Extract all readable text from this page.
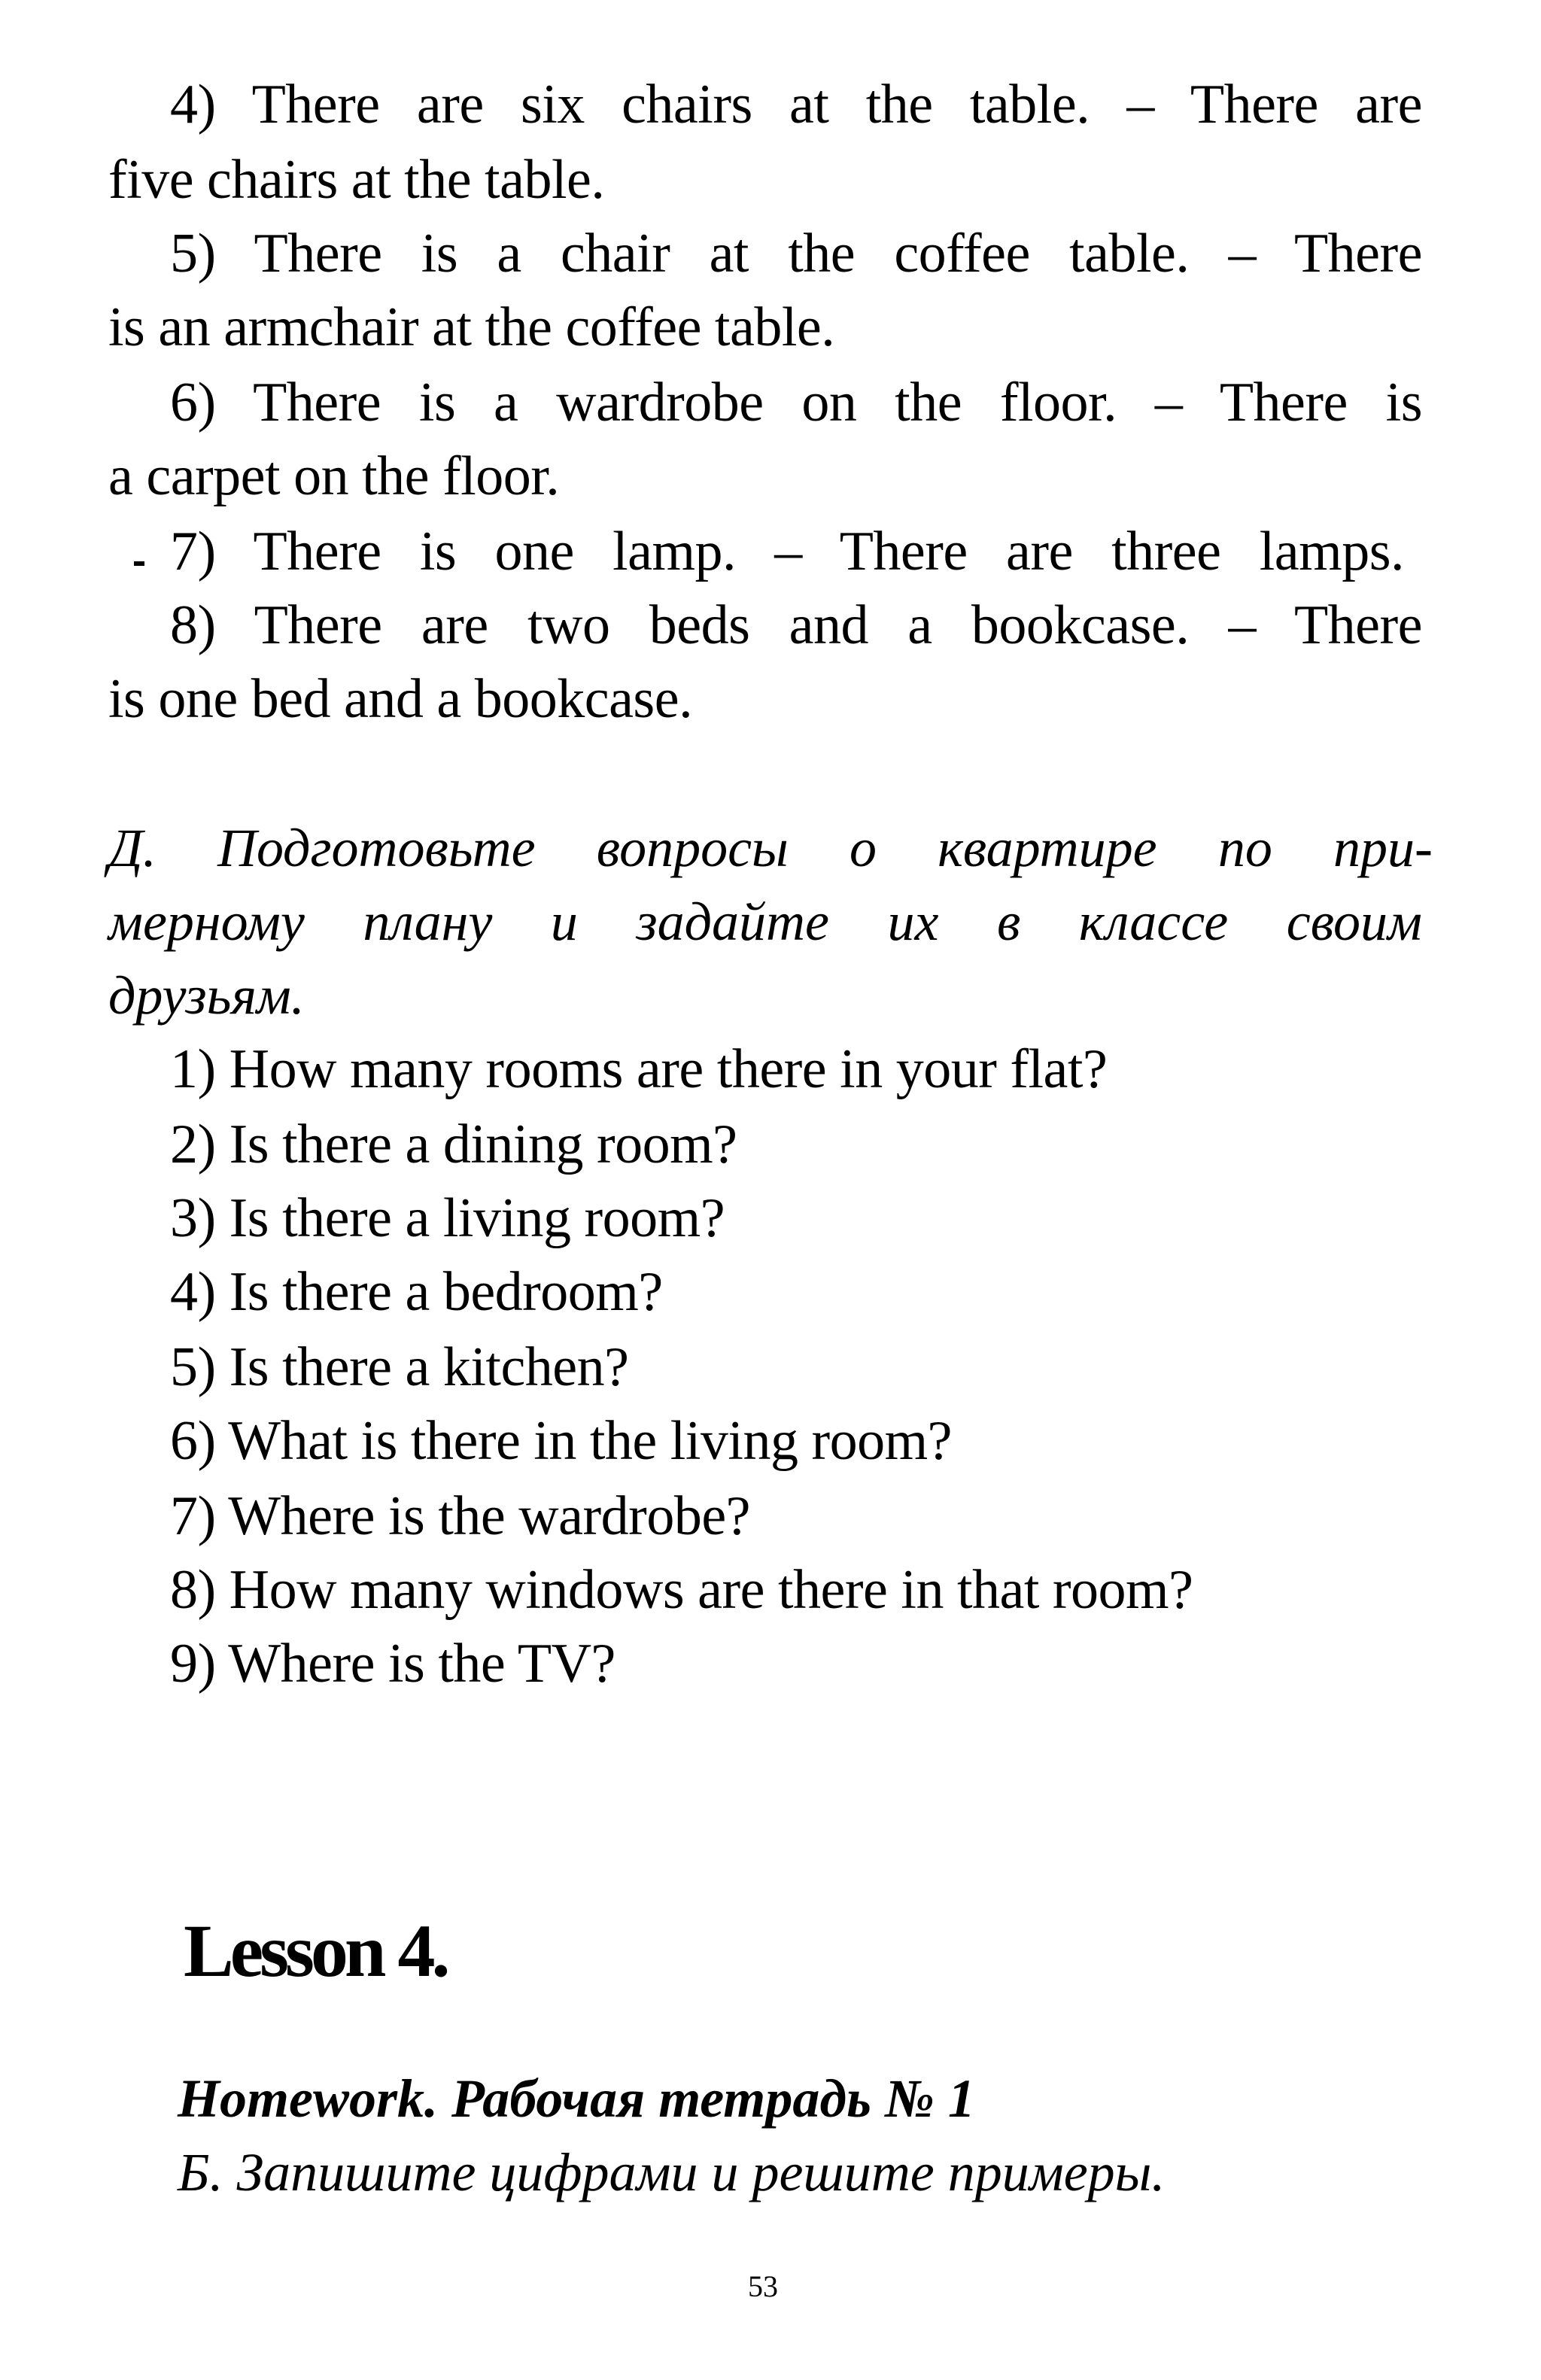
4) There are six chairs at the table. – There are
five chairs at the table.
5) There is a chair at the coffee table. – There
is an armchair at the coffee table.
6) There is a wardrobe on the floor. – There is
a carpet on the floor.
7) There is one lamp. – There are three lamps.
8) There are two beds and a bookcase. – There
is one bed and a bookcase.
Д. Подготовьте вопросы о квартире по при-
мерному плану и задайте их в классе своим
друзьям.
1) How many rooms are there in your flat?
2) Is there a dining room?
3) Is there a living room?
4) Is there a bedroom?
5) Is there a kitchen?
6) What is there in the living room?
7) Where is the wardrobe?
8) How many windows are there in that room?
9) Where is the TV?
Lesson 4.
Homework. Рабочая тетрадь № 1
Б. Запишите цифрами и решите примеры.
53
